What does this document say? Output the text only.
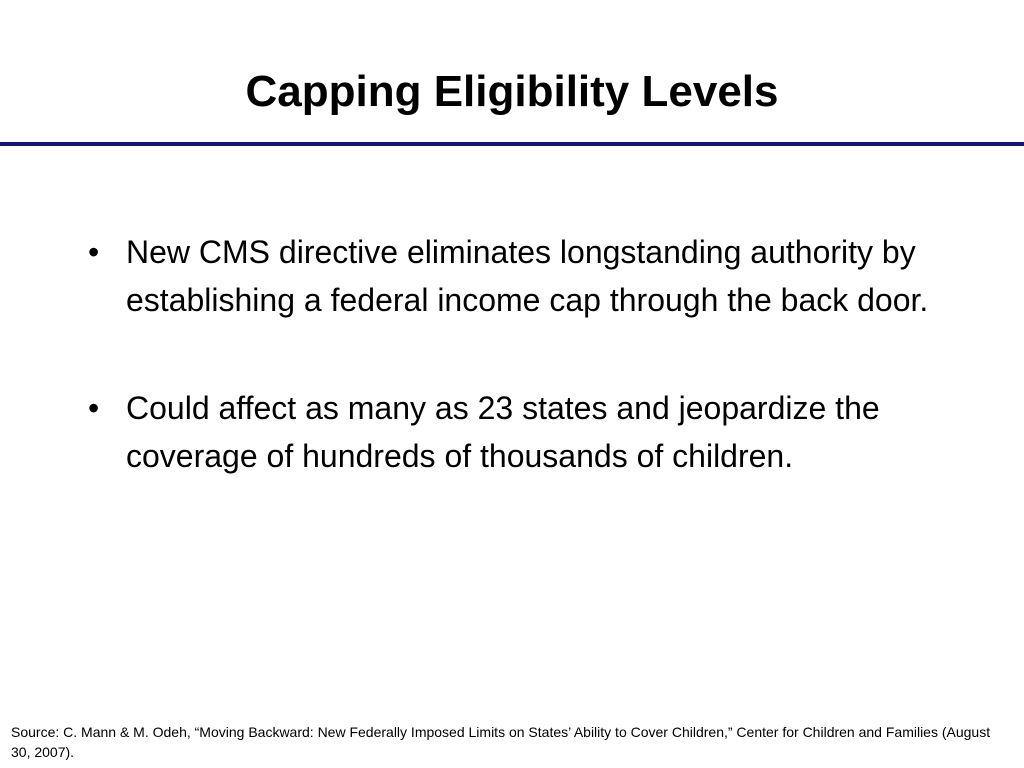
Capping Eligibility Levels
• New CMS directive eliminates longstanding authority by establishing a federal income cap through the back door.
• Could affect as many as 23 states and jeopardize the coverage of hundreds of thousands of children.

Source: C. Mann & M. Odeh, “Moving Backward: New Federally Imposed Limits on States’ Ability to Cover Children,” Center for Children and Families (August 30, 2007).
